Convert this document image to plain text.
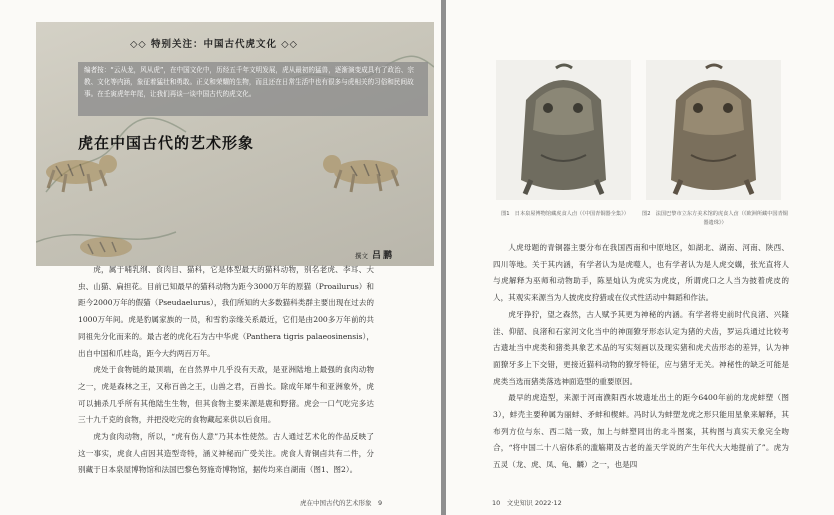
◇◇ 特别关注：中国古代虎文化 ◇◇
编者按：“云从龙，风从虎”，在中国文化中，历经五千年文明发展，虎从最初的猛兽，逐渐演变成具有了政治、宗教、文化等内涵，象征着猛壮和勇敢。正义和荣耀的生物，而且还在日常生活中也有很多与虎相关的习俗和民间故事。在壬寅虎年年尾，让我们再谈一谈中国古代的虎文化。
虎在中国古代的艺术形象
撰文 吕鹏

虎，属于哺乳纲、食肉目、猫科，它是体型最大的猫科动物，别名老虎、李耳、大虫、山猫、扁担花。目前已知最早的猫科动物为距今3000万年的原猫（Proailurus）和距今2000万年的假猫（Pseudaelurus），我们所知的大多数猫科类群主要出现在过去的1000万年间。虎是豹属家族的一员，和雪豹亲缘关系最近，它们是由200多万年前的共同祖先分化而来的。最古老的虎化石为古中华虎（Panthera tigris palaeosinensis），出自中国和爪哇岛，距今大约两百万年。

虎处于食物链的最顶端，在自然界中几乎没有天敌，是亚洲陆地上最强的食肉动物之一，虎是森林之王，又称百兽之王，山兽之君，百兽长。除成年犀牛和亚洲象外，虎可以捕杀几乎所有其他陆生生物，但其食物主要来源是鹿和野猪。虎会一口气吃完多达三十九千克的食物，并把没吃完的食物藏起来供以后食用。

虎为食肉动物，所以，“虎有伤人意”乃其本性使然。古人通过艺术化的作品反映了这一事实，虎食人卣因其造型奇特，涵义神秘而广受关注。虎食人青铜卣共有二件，分别藏于日本泉屋博物馆和法国巴黎色努施奇博物馆，据传均来自湖南（图1、图2）。

虎在中国古代的艺术形象　9
图1　日本泉屋博物馆藏虎食人卣（《中国青铜器全集》）	图2　法国巴黎市立东方美术馆的虎食人卣（《欧洲所藏中国青铜器遗珠》）

人虎母题的青铜器主要分布在我国西南和中原地区，如湖北、湖南、河南、陕西、四川等地。关于其内涵，有学者认为是虎噬人，也有学者认为是人虎交媾，张光直将人与虎解释为巫师和动物助手，陈星灿认为虎实为虎皮，所谓虎口之人当为披着虎皮的人，其观实来源当为人披虎皮狩猎或在仪式性活动中舞蹈和作法。

虎牙狰狞，望之森然，古人赋予其更为神秘的内涵。有学者将史前时代良渚、兴隆洼、仰韶、良渚和石家河文化当中的神面獠牙形态认定为猪的犬齿，罗运兵通过比较考古遗址当中虎类和猪类具象艺术品的写实刻画以及现实猪和虎犬齿形态的差异，认为神面獠牙多上下交错，更接近猫科动物的獠牙特征，应与猪牙无关。神秘性的缺乏可能是虎类当选而猪类落选神面造型的重要原因。

最早的虎造型，来源于河南濮阳西水坡遗址出土的距今6400年前的龙虎蚌塑（图3），蚌壳主要种属为丽蚌、矛蚌和楔蚌。冯时认为蚌塑龙虎之形只能用星象来解释，其布列方位与东、西二陆一致，加上与蚌塑同出的北斗图案，其构图与真实天象完全吻合，“将中国二十八宿体系的滥觞期及古老的盖天学说的产生年代大大地提前了”。虎为五灵（龙、虎、凤、龟、麟）之一，也是四

10　文史知识 2022·12
